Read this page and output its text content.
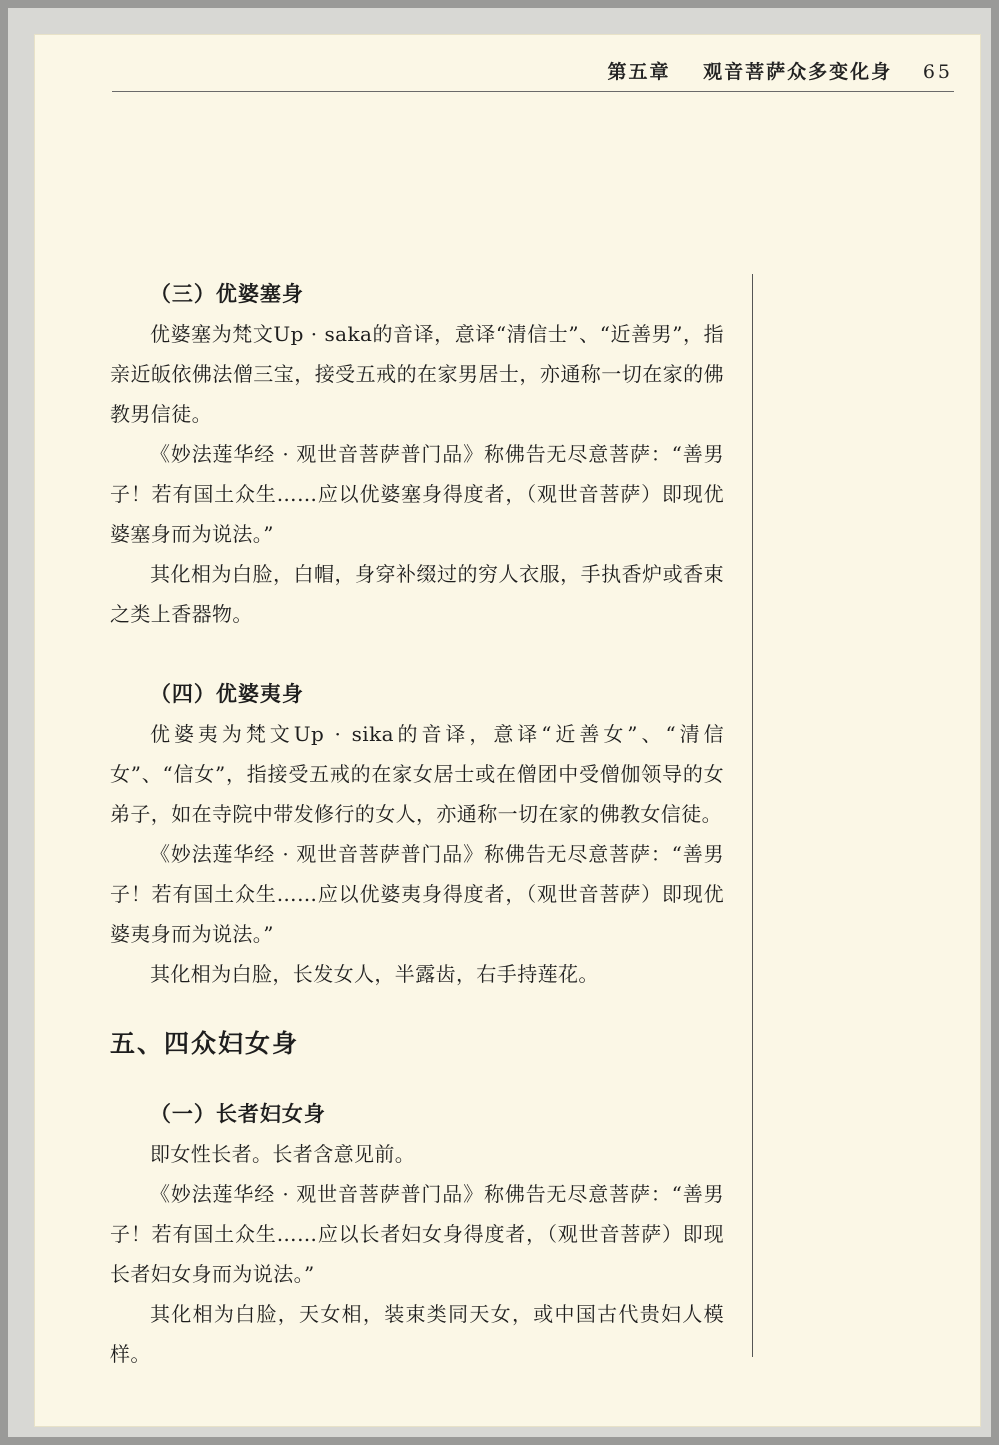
第五章 观音菩萨众多变化身 65
（三）优婆塞身

优婆塞为梵文Up · saka的音译，意译“清信士”、“近善男”，指亲近皈依佛法僧三宝，接受五戒的在家男居士，亦通称一切在家的佛教男信徒。

《妙法莲华经 · 观世音菩萨普门品》称佛告无尽意菩萨：“善男子！若有国土众生……应以优婆塞身得度者，（观世音菩萨）即现优婆塞身而为说法。”

其化相为白脸，白帽，身穿补缀过的穷人衣服，手执香炉或香束之类上香器物。

（四）优婆夷身

优婆夷为梵文Up · sika的音译，意译“近善女”、“清信女”、“信女”，指接受五戒的在家女居士或在僧团中受僧伽领导的女弟子，如在寺院中带发修行的女人，亦通称一切在家的佛教女信徒。

《妙法莲华经 · 观世音菩萨普门品》称佛告无尽意菩萨：“善男子！若有国土众生……应以优婆夷身得度者，（观世音菩萨）即现优婆夷身而为说法。”

其化相为白脸，长发女人，半露齿，右手持莲花。

五、四众妇女身
（一）长者妇女身

即女性长者。长者含意见前。

《妙法莲华经 · 观世音菩萨普门品》称佛告无尽意菩萨：“善男子！若有国土众生……应以长者妇女身得度者，（观世音菩萨）即现长者妇女身而为说法。”

其化相为白脸，天女相，装束类同天女，或中国古代贵妇人模样。
